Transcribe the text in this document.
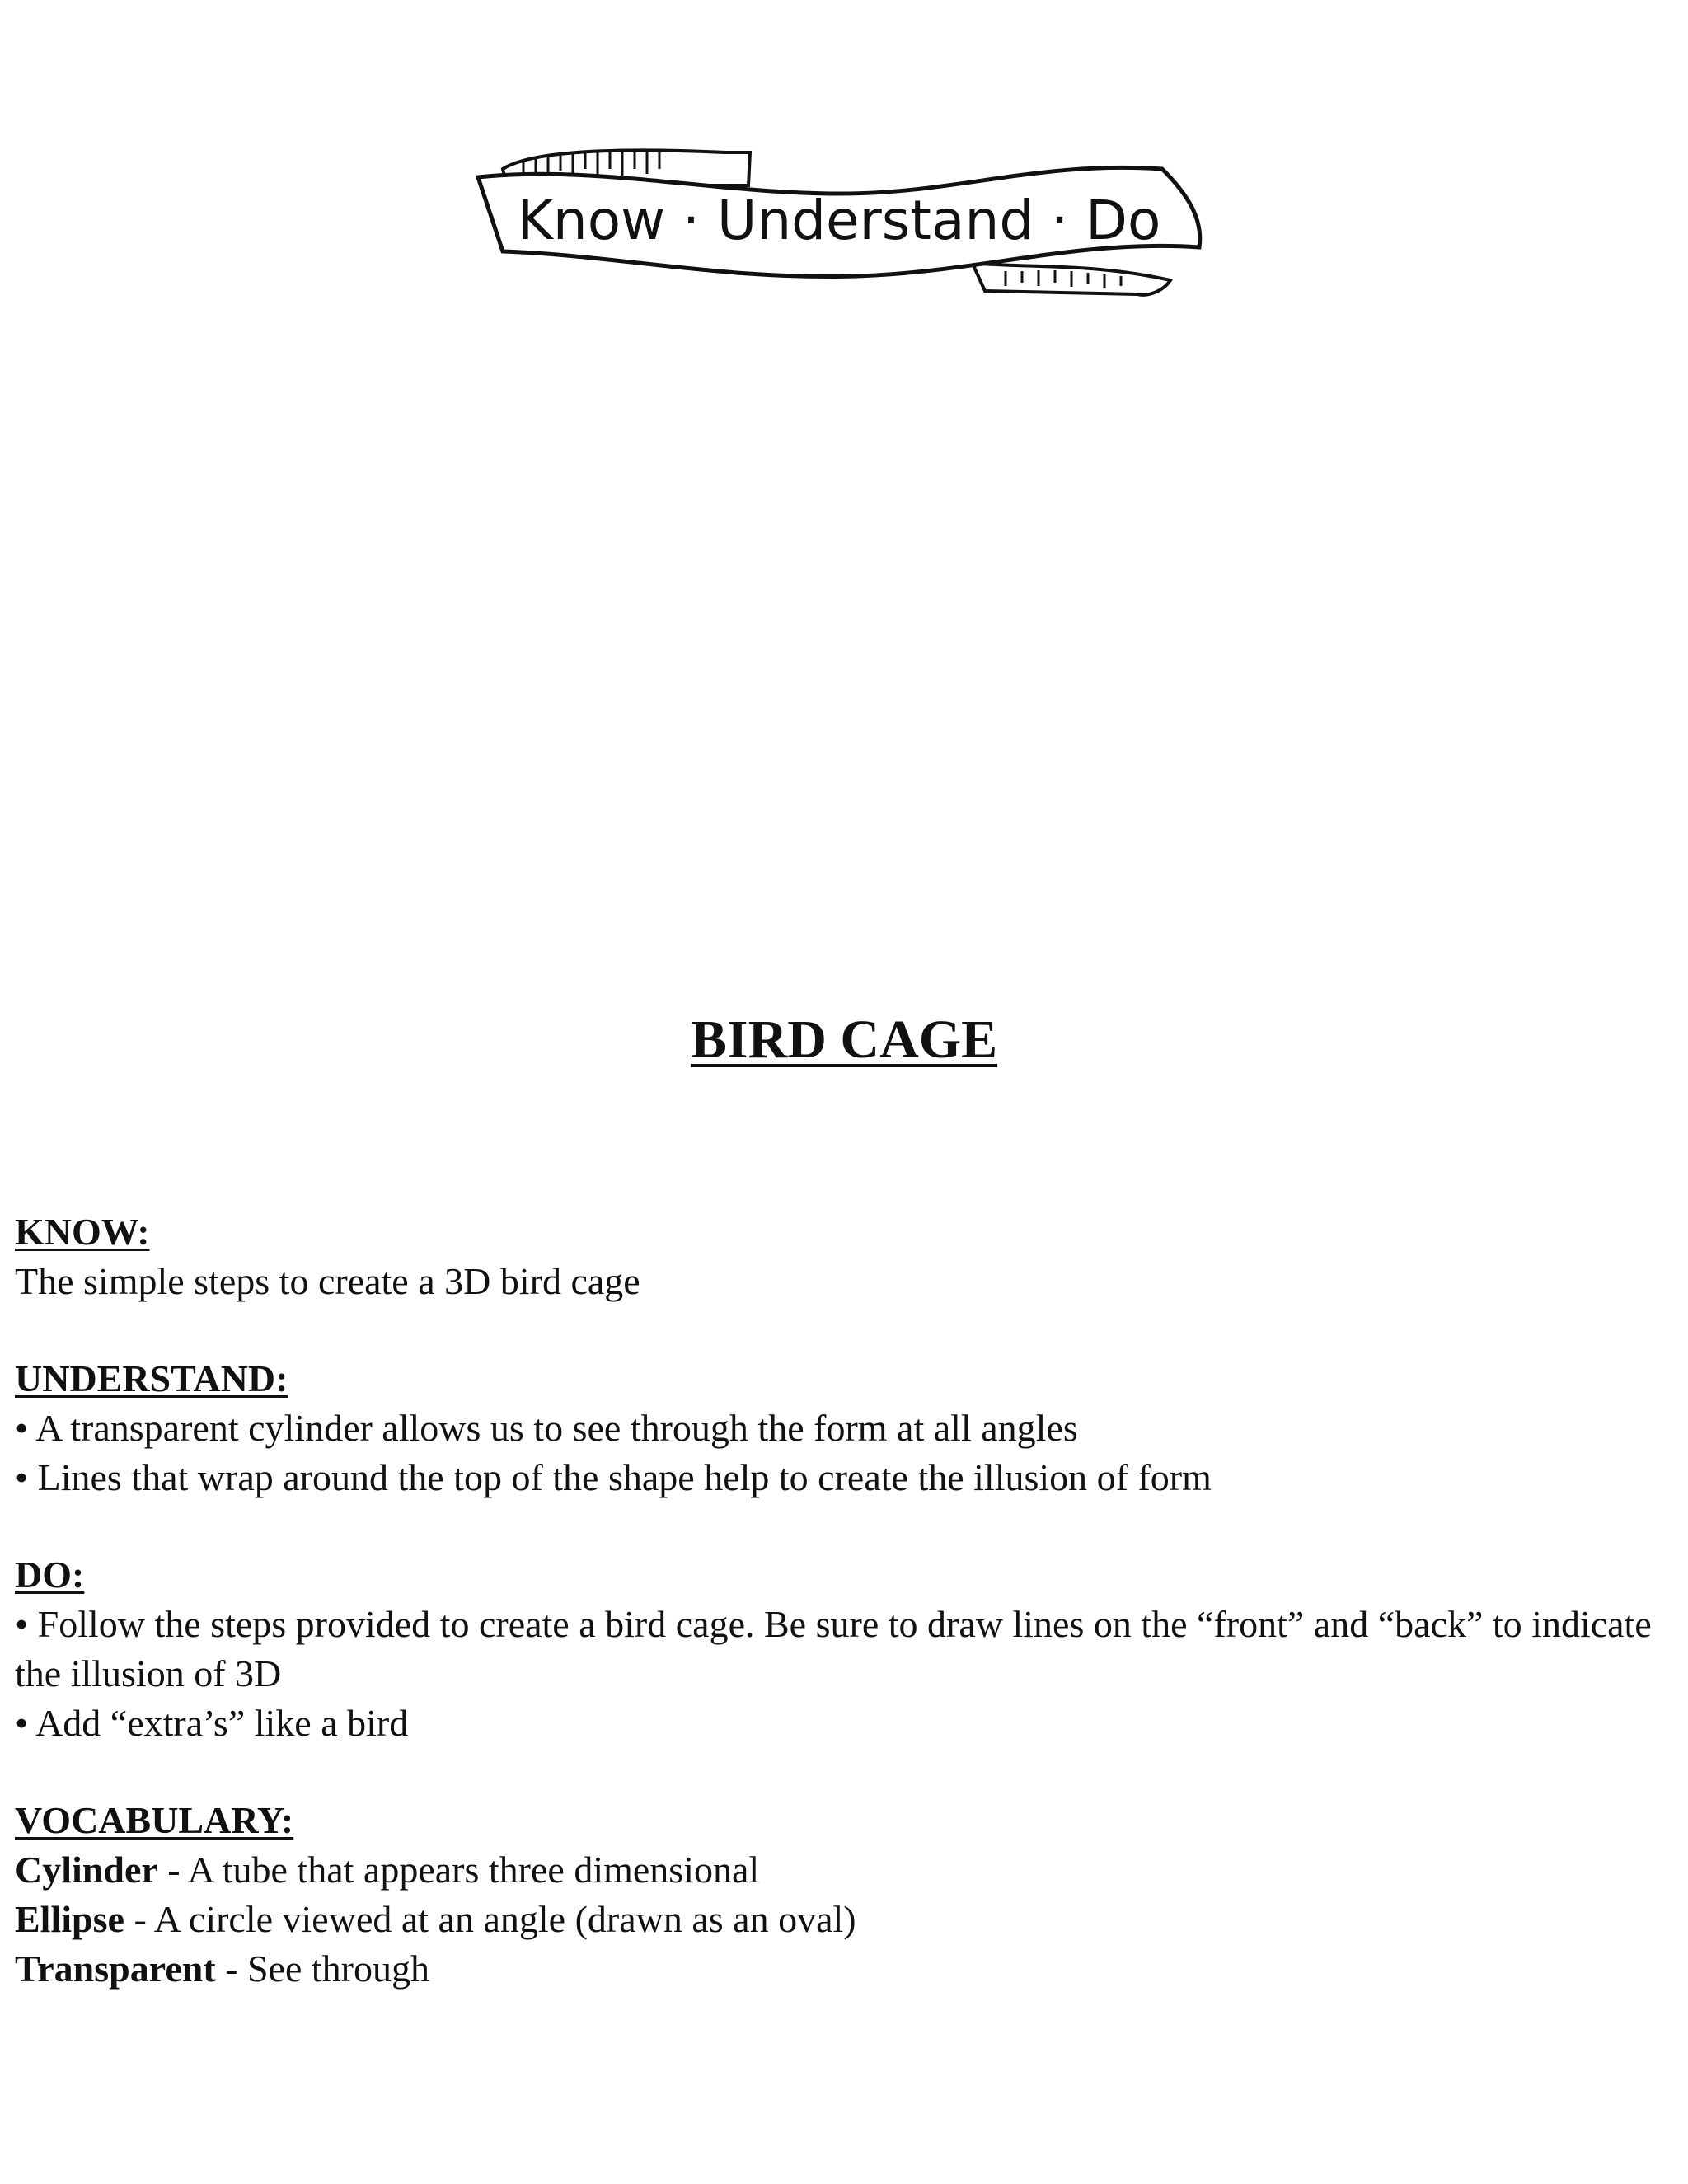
Know · Understand · Do
BIRD CAGE
KNOW:
The simple steps to create a 3D bird cage
UNDERSTAND:
• A transparent cylinder allows us to see through the form at all angles
• Lines that wrap around the top of the shape help to create the illusion of form
DO:
• Follow the steps provided to create a bird cage. Be sure to draw lines on the “front” and “back” to indicate the illusion of 3D
• Add “extra’s” like a bird
VOCABULARY:
Cylinder - A tube that appears three dimensional
Ellipse - A circle viewed at an angle (drawn as an oval)
Transparent - See through
